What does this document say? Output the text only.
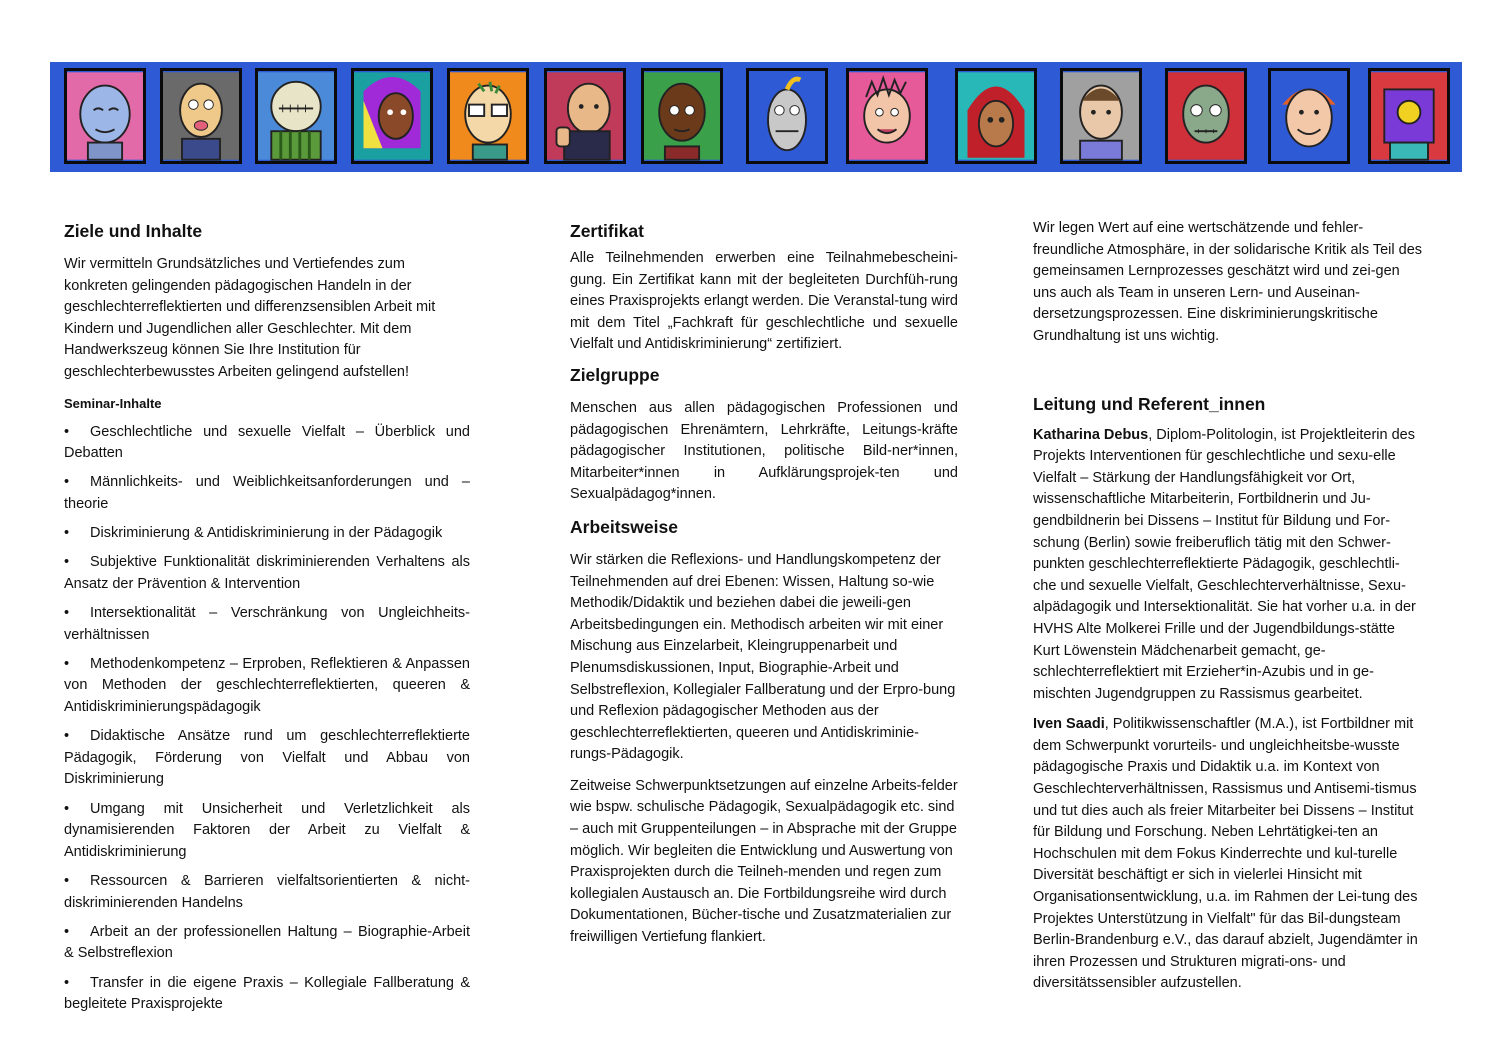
Ziele und Inhalte

Wir vermitteln Grundsätzliches und Vertiefendes zum konkreten gelingenden pädagogischen Handeln in der geschlechterreflektierten und differenzsensiblen Arbeit mit Kindern und Jugendlichen aller Geschlechter. Mit dem Handwerkszeug können Sie Ihre Institution für geschlechterbewusstes Arbeiten gelingend aufstellen!

Seminar-Inhalte
• Geschlechtliche und sexuelle Vielfalt – Überblick und Debatten
• Männlichkeits- und Weiblichkeitsanforderungen und –theorie
• Diskriminierung & Antidiskriminierung in der Pädagogik
• Subjektive Funktionalität diskriminierenden Verhaltens als Ansatz der Prävention & Intervention
• Intersektionalität – Verschränkung von Ungleichheits-verhältnissen
• Methodenkompetenz – Erproben, Reflektieren & Anpassen von Methoden der geschlechterreflektierten, queeren & Antidiskriminierungspädagogik
• Didaktische Ansätze rund um geschlechterreflektierte Pädagogik, Förderung von Vielfalt und Abbau von Diskriminierung
• Umgang mit Unsicherheit und Verletzlichkeit als dynamisierenden Faktoren der Arbeit zu Vielfalt & Antidiskriminierung
• Ressourcen & Barrieren vielfaltsorientierten & nicht-diskriminierenden Handelns
• Arbeit an der professionellen Haltung – Biographie-Arbeit & Selbstreflexion
• Transfer in die eigene Praxis – Kollegiale Fallberatung & begleitete Praxisprojekte
Zertifikat

Alle Teilnehmenden erwerben eine Teilnahmebescheini-gung. Ein Zertifikat kann mit der begleiteten Durchfüh-rung eines Praxisprojekts erlangt werden. Die Veranstal-tung wird mit dem Titel „Fachkraft für geschlechtliche und sexuelle Vielfalt und Antidiskriminierung“ zertifiziert.

Zielgruppe

Menschen aus allen pädagogischen Professionen und pädagogischen Ehrenämtern, Lehrkräfte, Leitungs-kräfte pädagogischer Institutionen, politische Bild-ner*innen, Mitarbeiter*innen in Aufklärungsprojek-ten und Sexualpädagog*innen.

Arbeitsweise

Wir stärken die Reflexions- und Handlungskompetenz der Teilnehmenden auf drei Ebenen: Wissen, Haltung so-wie Methodik/Didaktik und beziehen dabei die jeweili-gen Arbeitsbedingungen ein. Methodisch arbeiten wir mit einer Mischung aus Einzelarbeit, Kleingruppenarbeit und Plenumsdiskussionen, Input, Biographie-Arbeit und Selbstreflexion, Kollegialer Fallberatung und der Erpro-bung und Reflexion pädagogischer Methoden aus der geschlechterreflektierten, queeren und Antidiskriminie-rungs-Pädagogik.

Zeitweise Schwerpunktsetzungen auf einzelne Arbeits-felder wie bspw. schulische Pädagogik, Sexualpädagogik etc. sind – auch mit Gruppenteilungen – in Absprache mit der Gruppe möglich. Wir begleiten die Entwicklung und Auswertung von Praxisprojekten durch die Teilneh-menden und regen zum kollegialen Austausch an. Die Fortbildungsreihe wird durch Dokumentationen, Bücher-tische und Zusatzmaterialien zur freiwilligen Vertiefung flankiert.

Wir legen Wert auf eine wertschätzende und fehler-freundliche Atmosphäre, in der solidarische Kritik als Teil des gemeinsamen Lernprozesses geschätzt wird und zei-gen uns auch als Team in unseren Lern- und Auseinan-dersetzungsprozessen. Eine diskriminierungskritische Grundhaltung ist uns wichtig.

Leitung und Referent_innen

Katharina Debus, Diplom-Politologin, ist Projektleiterin des Projekts Interventionen für geschlechtliche und sexu-elle Vielfalt – Stärkung der Handlungsfähigkeit vor Ort, wissenschaftliche Mitarbeiterin, Fortbildnerin und Ju-gendbildnerin bei Dissens – Institut für Bildung und For-schung (Berlin) sowie freiberuflich tätig mit den Schwer-punkten geschlechterreflektierte Pädagogik, geschlechtli-che und sexuelle Vielfalt, Geschlechterverhältnisse, Sexu-alpädagogik und Intersektionalität. Sie hat vorher u.a. in der HVHS Alte Molkerei Frille und der Jugendbildungs-stätte Kurt Löwenstein Mädchenarbeit gemacht, ge-schlechterreflektiert mit Erzieher*in-Azubis und in ge-mischten Jugendgruppen zu Rassismus gearbeitet.

Iven Saadi, Politikwissenschaftler (M.A.), ist Fortbildner mit dem Schwerpunkt vorurteils- und ungleichheitsbe-wusste pädagogische Praxis und Didaktik u.a. im Kontext von Geschlechterverhältnissen, Rassismus und Antisemi-tismus und tut dies auch als freier Mitarbeiter bei Dissens – Institut für Bildung und Forschung. Neben Lehrtätigkei-ten an Hochschulen mit dem Fokus Kinderrechte und kul-turelle Diversität beschäftigt er sich in vielerlei Hinsicht mit Organisationsentwicklung, u.a. im Rahmen der Lei-tung des Projektes Unterstützung in Vielfalt" für das Bil-dungsteam Berlin-Brandenburg e.V., das darauf abzielt, Jugendämter in ihren Prozessen und Strukturen migrati-ons- und diversitätssensibler aufzustellen.
